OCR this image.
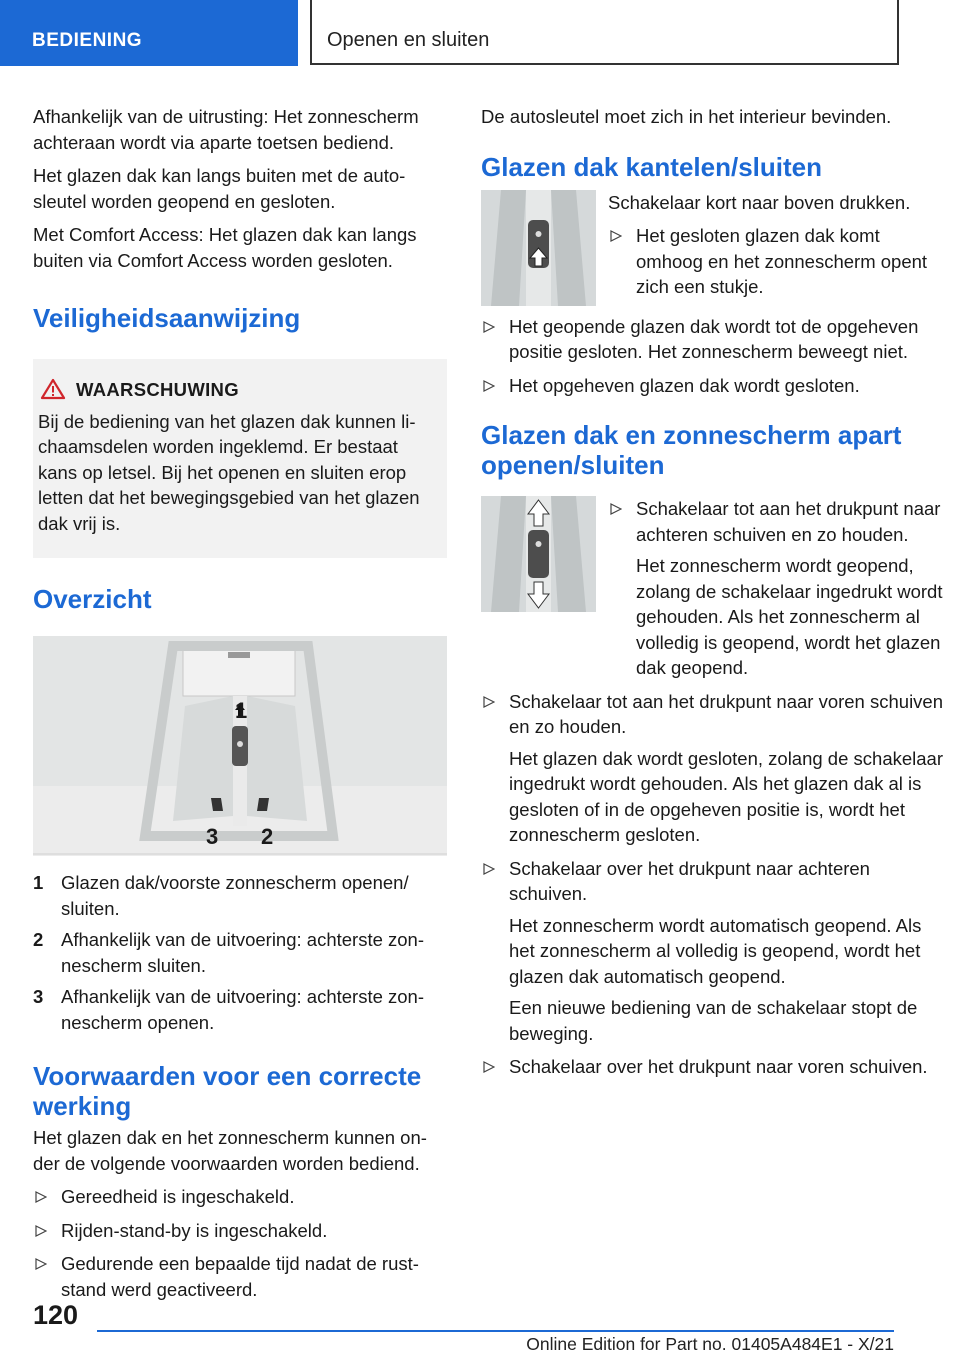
BEDIENING	Openen en sluiten

Afhankelijk van de uitrusting: Het zonnescherm achteraan wordt via aparte toetsen bediend.

Het glazen dak kan langs buiten met de autosleutel worden geopend en gesloten.

Met Comfort Access: Het glazen dak kan langs buiten via Comfort Access worden gesloten.

Veiligheidsaanwijzing
WAARSCHUWING
Bij de bediening van het glazen dak kunnen lichaamsdelen worden ingeklemd. Er bestaat kans op letsel. Bij het openen en sluiten erop letten dat het bewegingsgebied van het glazen dak vrij is.
Overzicht
1
3 2
1 Glazen dak/voorste zonnescherm openen/ sluiten.
2 Afhankelijk van de uitvoering: achterste zonnescherm sluiten.
3 Afhankelijk van de uitvoering: achterste zonnescherm openen.
Voorwaarden voor een correcte werking

Het glazen dak en het zonnescherm kunnen onder de volgende voorwaarden worden bediend.

Gereedheid is ingeschakeld.
Rijden-stand-by is ingeschakeld.
Gedurende een bepaalde tijd nadat de ruststand werd geactiveerd.

De autosleutel moet zich in het interieur bevinden.

Glazen dak kantelen/sluiten

Schakelaar kort naar boven drukken.

Het gesloten glazen dak komt omhoog en het zonnescherm opent zich een stukje.
Het geopende glazen dak wordt tot de opgeheven positie gesloten. Het zonnescherm beweegt niet.
Het opgeheven glazen dak wordt gesloten.
Glazen dak en zonnescherm apart openen/sluiten
Schakelaar tot aan het drukpunt naar achteren schuiven en zo houden.
Het zonnescherm wordt geopend, zolang de schakelaar ingedrukt wordt gehouden. Als het zonnescherm al volledig is geopend, wordt het glazen dak geopend.
Schakelaar tot aan het drukpunt naar voren schuiven en zo houden.
Het glazen dak wordt gesloten, zolang de schakelaar ingedrukt wordt gehouden. Als het glazen dak al is gesloten of in de opgeheven positie is, wordt het zonnescherm gesloten.
Schakelaar over het drukpunt naar achteren schuiven.
Het zonnescherm wordt automatisch geopend. Als het zonnescherm al volledig is geopend, wordt het glazen dak automatisch geopend.
Een nieuwe bediening van de schakelaar stopt de beweging.
Schakelaar over het drukpunt naar voren schuiven.
120
Online Edition for Part no. 01405A484E1 - X/21
